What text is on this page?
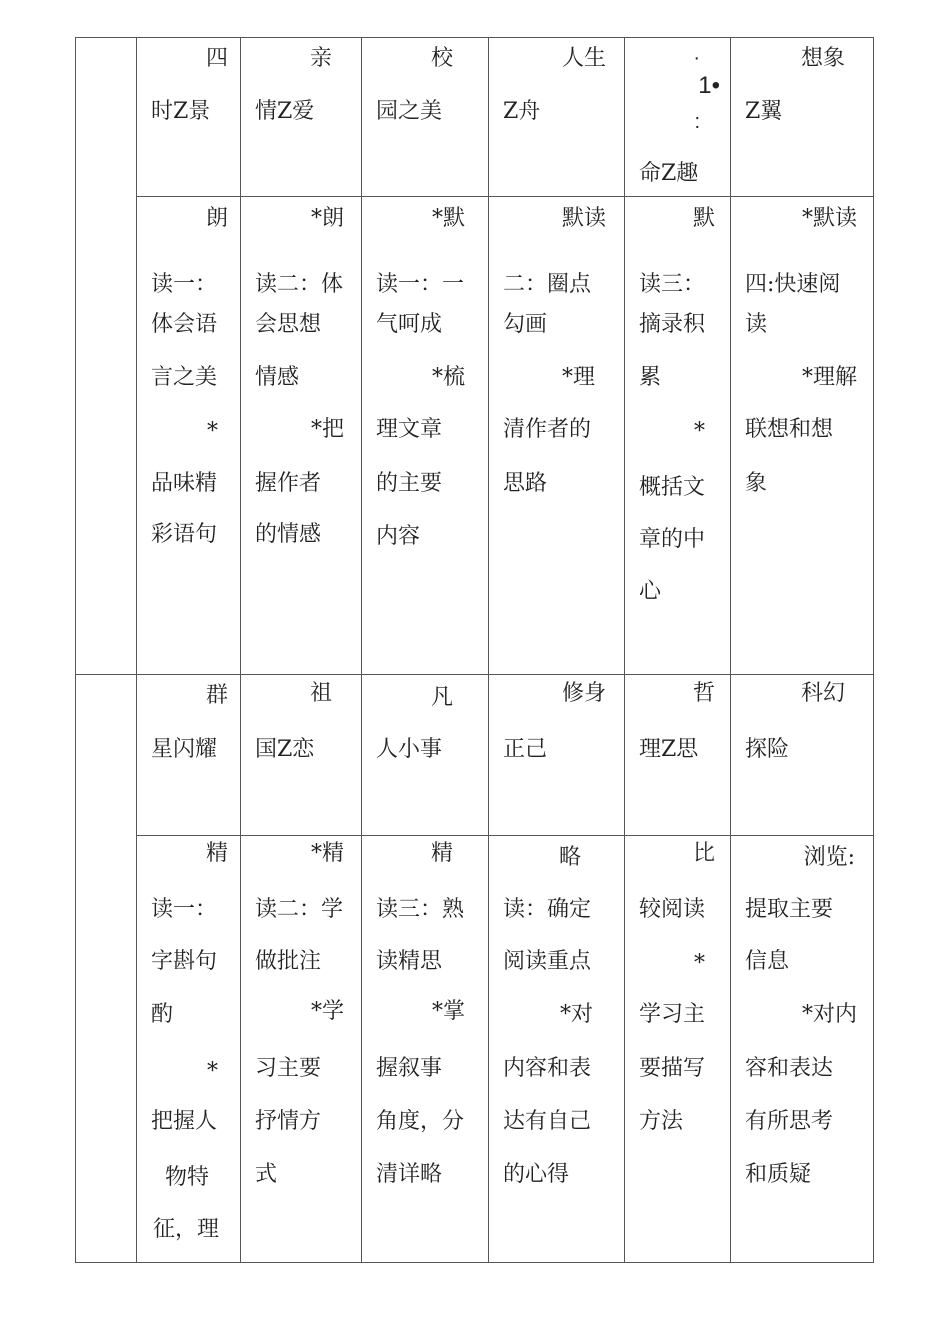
四
时Z景
亲
情Z爱
校
园之美
人生
Z舟
·
1•
:
命Z趣
想象
Z翼
朗
读一：
体会语
言之美
*
品味精
彩语句
*朗
读二：体
会思想
情感
*把
握作者
的情感
*默
读一：一
气呵成
*梳
理文章
的主要
内容
默读
二：圈点
勾画
*理
清作者的
思路
默
读三：
摘录积
累
*
概括文
章的中
心
*默读
四:快速阅
读
*理解
联想和想
象
群
星闪耀
祖
国Z恋
凡
人小事
修身
正己
哲
理Z思
科幻
探险
精
读一：
字斟句
酌
*
把握人
物特
征，理
*精
读二：学
做批注
*学
习主要
抒情方
式
精
读三：熟
读精思
*掌
握叙事
角度，分
清详略
略
读：确定
阅读重点
*对
内容和表
达有自己
的心得
比
较阅读
*
学习主
要描写
方法
浏览:
提取主要
信息
*对内
容和表达
有所思考
和质疑
